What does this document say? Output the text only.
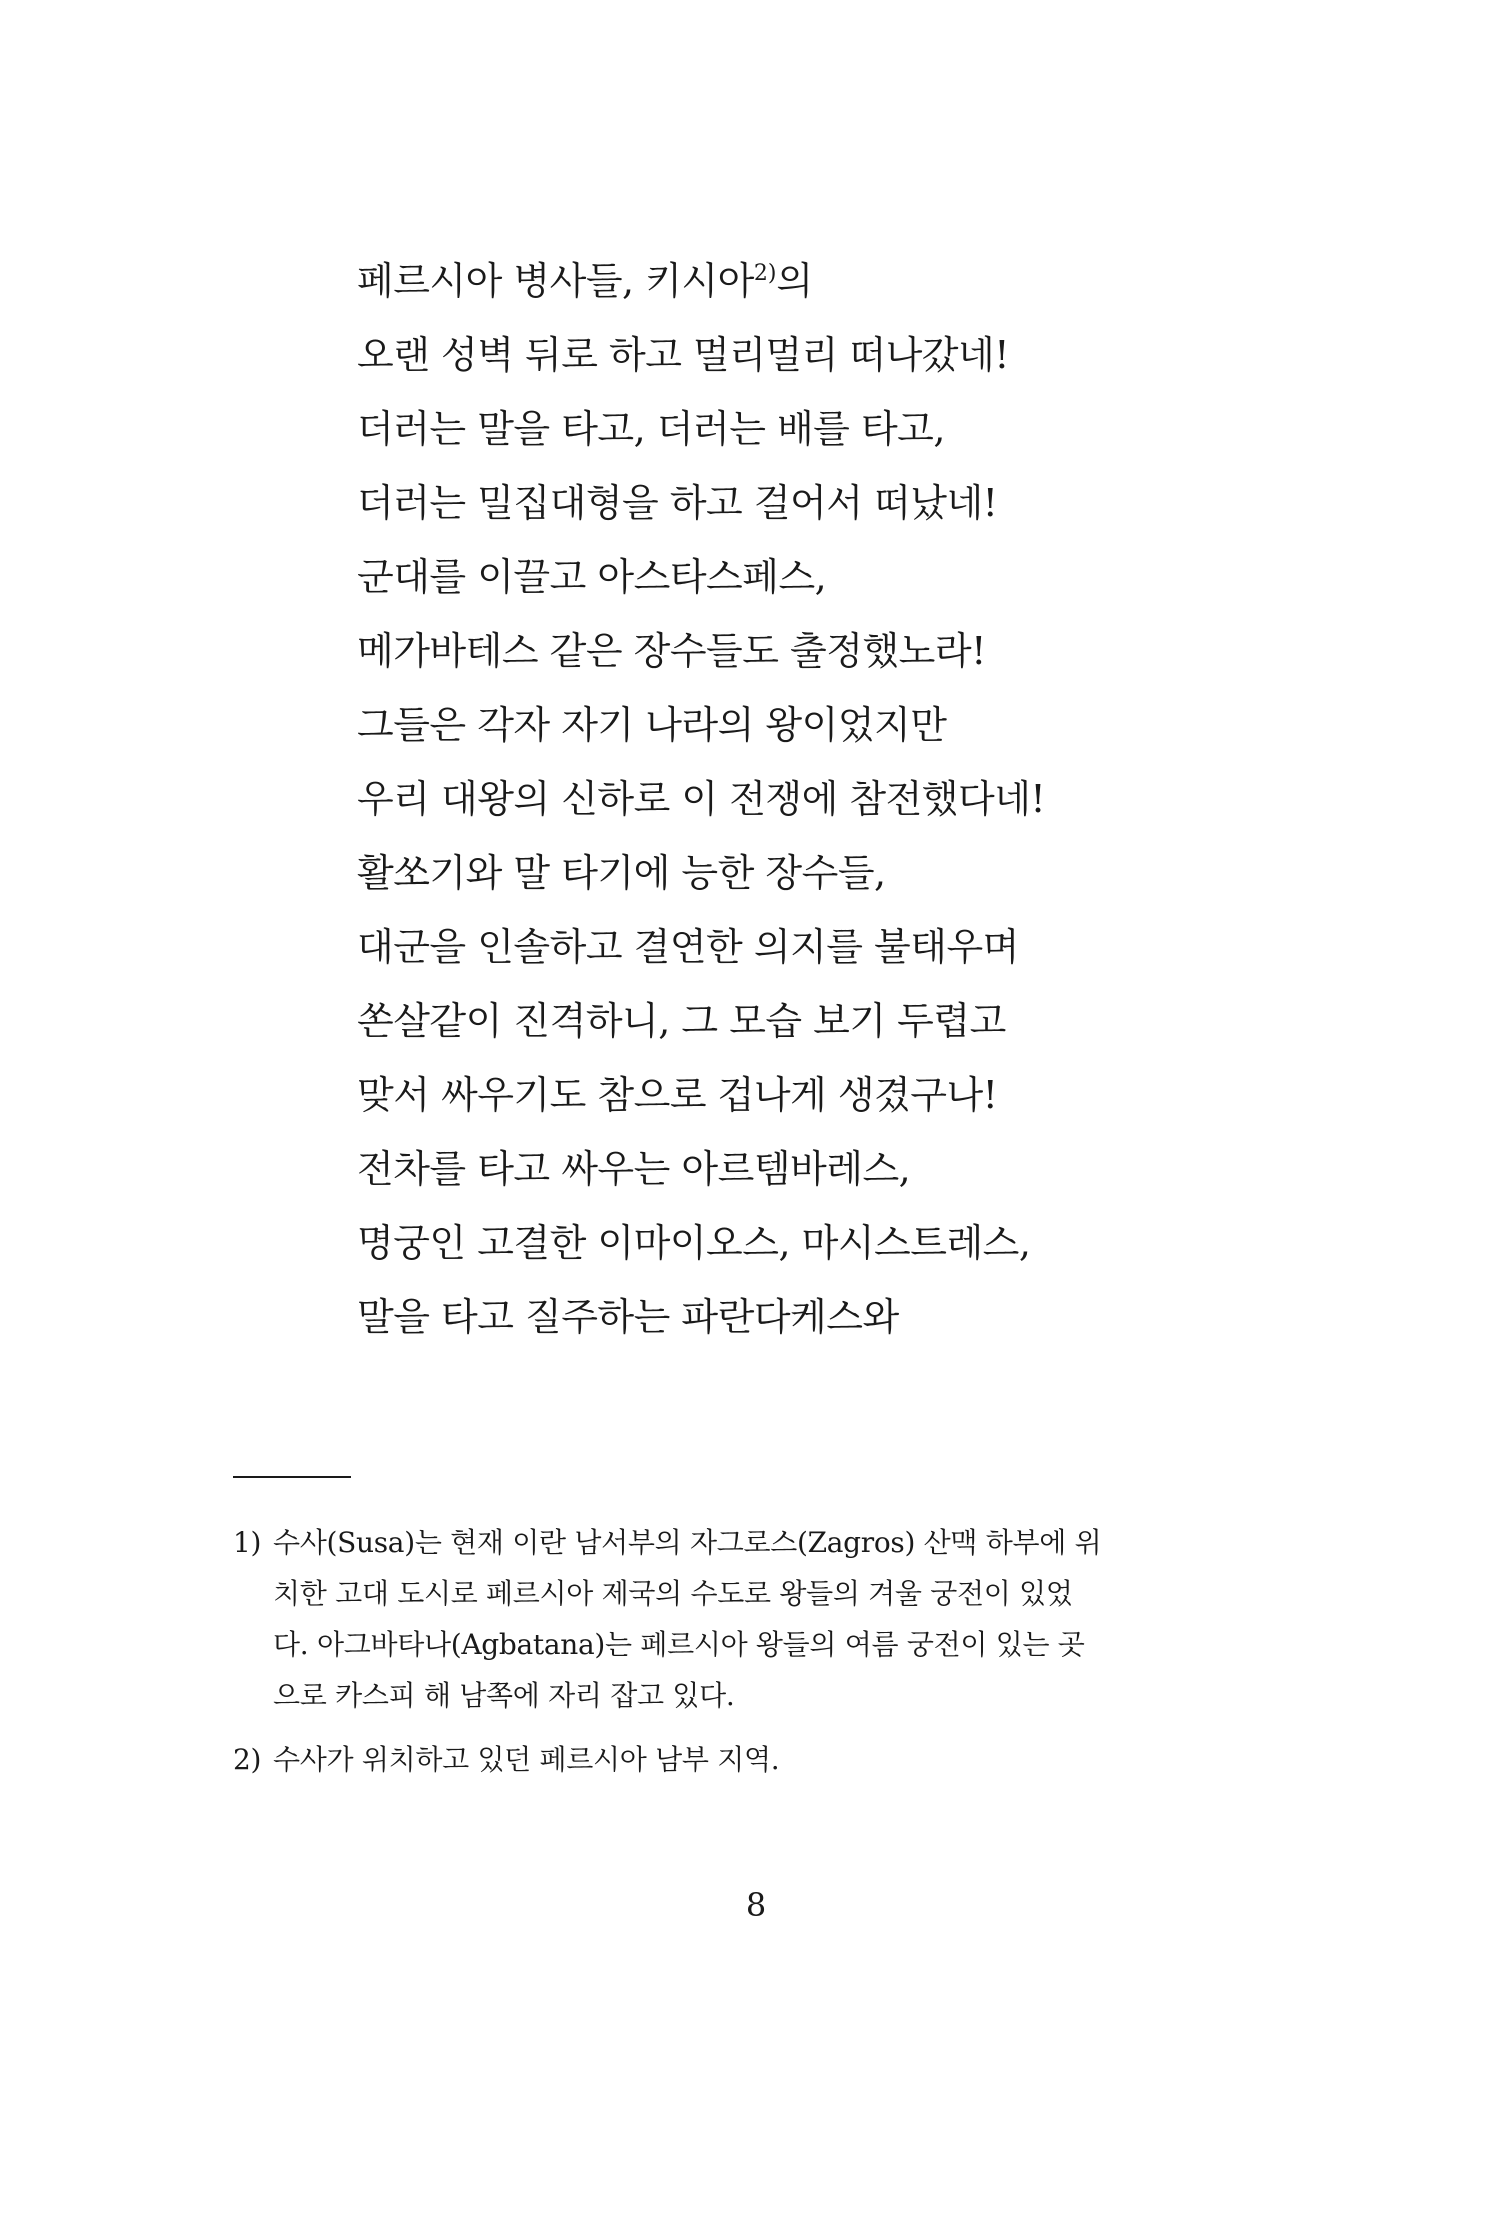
페르시아 병사들, 키시아$^{2)}$의
오랜 성벽 뒤로 하고 멀리멀리 떠나갔네!
더러는 말을 타고, 더러는 배를 타고,
더러는 밀집대형을 하고 걸어서 떠났네!
군대를 이끌고 아스타스페스,
메가바테스 같은 장수들도 출정했노라!
그들은 각자 자기 나라의 왕이었지만
우리 대왕의 신하로 이 전쟁에 참전했다네!
활쏘기와 말 타기에 능한 장수들,
대군을 인솔하고 결연한 의지를 불태우며
쏜살같이 진격하니, 그 모습 보기 두렵고
맞서 싸우기도 참으로 겁나게 생겼구나!
전차를 타고 싸우는 아르템바레스,
명궁인 고결한 이마이오스, 마시스트레스,
말을 타고 질주하는 파란다케스와
1) 수사(Susa)는 현재 이란 남서부의 자그로스(Zagros) 산맥 하부에 위
치한 고대 도시로 페르시아 제국의 수도로 왕들의 겨울 궁전이 있었
다. 아그바타나(Agbatana)는 페르시아 왕들의 여름 궁전이 있는 곳
으로 카스피 해 남쪽에 자리 잡고 있다.
2) 수사가 위치하고 있던 페르시아 남부 지역.
8
